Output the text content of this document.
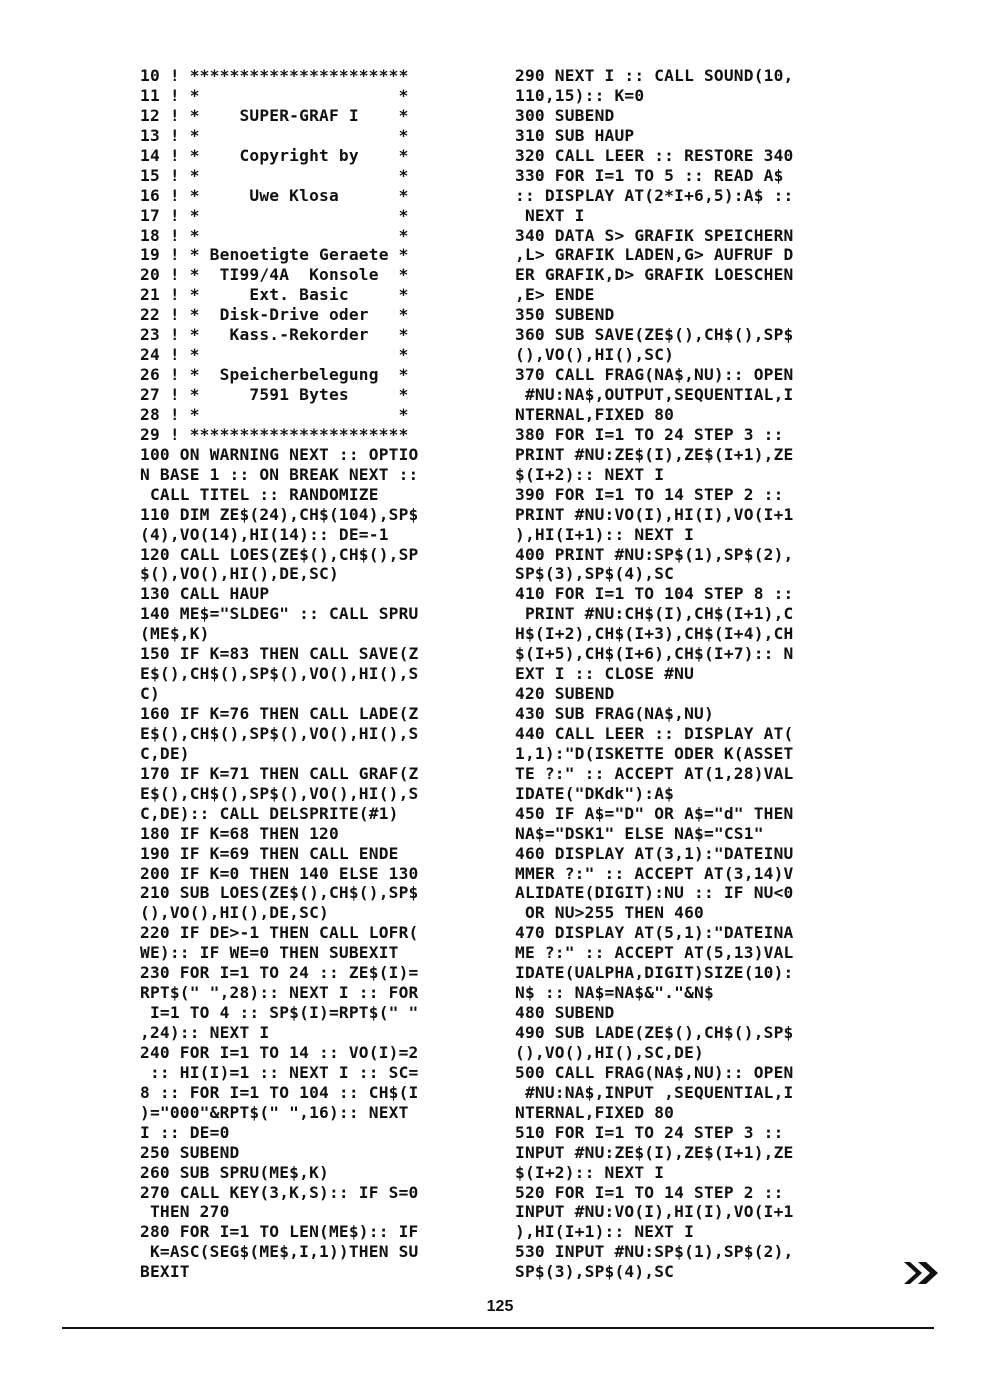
10 ! **********************
11 ! *                    *
12 ! *    SUPER-GRAF I    *
13 ! *                    *
14 ! *    Copyright by    *
15 ! *                    *
16 ! *     Uwe Klosa      *
17 ! *                    *
18 ! *                    *
19 ! * Benoetigte Geraete *
20 ! *  TI99/4A  Konsole  *
21 ! *     Ext. Basic     *
22 ! *  Disk-Drive oder   *
23 ! *   Kass.-Rekorder   *
24 ! *                    *
26 ! *  Speicherbelegung  *
27 ! *     7591 Bytes     *
28 ! *                    *
29 ! **********************
100 ON WARNING NEXT :: OPTIO
N BASE 1 :: ON BREAK NEXT ::
CALL TITEL :: RANDOMIZE
110 DIM ZE$(24),CH$(104),SP$
(4),VO(14),HI(14):: DE=-1
120 CALL LOES(ZE$(),CH$(),SP
$(),VO(),HI(),DE,SC)
130 CALL HAUP
140 ME$="SLDEG" :: CALL SPRU
(ME$,K)
150 IF K=83 THEN CALL SAVE(Z
E$(),CH$(),SP$(),VO(),HI(),S
C)
160 IF K=76 THEN CALL LADE(Z
E$(),CH$(),SP$(),VO(),HI(),S
C,DE)
170 IF K=71 THEN CALL GRAF(Z
E$(),CH$(),SP$(),VO(),HI(),S
C,DE):: CALL DELSPRITE(#1)
180 IF K=68 THEN 120
190 IF K=69 THEN CALL ENDE
200 IF K=0 THEN 140 ELSE 130
210 SUB LOES(ZE$(),CH$(),SP$
(),VO(),HI(),DE,SC)
220 IF DE>-1 THEN CALL LOFR(
WE):: IF WE=0 THEN SUBEXIT
230 FOR I=1 TO 24 :: ZE$(I)=
RPT$(" ",28):: NEXT I :: FOR
I=1 TO 4 :: SP$(I)=RPT$(" "
,24):: NEXT I
240 FOR I=1 TO 14 :: VO(I)=2
:: HI(I)=1 :: NEXT I :: SC=
8 :: FOR I=1 TO 104 :: CH$(I
)="000"&RPT$(" ",16):: NEXT
I :: DE=0
250 SUBEND
260 SUB SPRU(ME$,K)
270 CALL KEY(3,K,S):: IF S=0
THEN 270
280 FOR I=1 TO LEN(ME$):: IF
K=ASC(SEG$(ME$,I,1))THEN SU
BEXIT
290 NEXT I :: CALL SOUND(10,
110,15):: K=0
300 SUBEND
310 SUB HAUP
320 CALL LEER :: RESTORE 340
330 FOR I=1 TO 5 :: READ A$
:: DISPLAY AT(2*I+6,5):A$ ::
NEXT I
340 DATA S> GRAFIK SPEICHERN
,L> GRAFIK LADEN,G> AUFRUF D
ER GRAFIK,D> GRAFIK LOESCHEN
,E> ENDE
350 SUBEND
360 SUB SAVE(ZE$(),CH$(),SP$
(),VO(),HI(),SC)
370 CALL FRAG(NA$,NU):: OPEN
#NU:NA$,OUTPUT,SEQUENTIAL,I
NTERNAL,FIXED 80
380 FOR I=1 TO 24 STEP 3 ::
PRINT #NU:ZE$(I),ZE$(I+1),ZE
$(I+2):: NEXT I
390 FOR I=1 TO 14 STEP 2 ::
PRINT #NU:VO(I),HI(I),VO(I+1
),HI(I+1):: NEXT I
400 PRINT #NU:SP$(1),SP$(2),
SP$(3),SP$(4),SC
410 FOR I=1 TO 104 STEP 8 ::
PRINT #NU:CH$(I),CH$(I+1),C
H$(I+2),CH$(I+3),CH$(I+4),CH
$(I+5),CH$(I+6),CH$(I+7):: N
EXT I :: CLOSE #NU
420 SUBEND
430 SUB FRAG(NA$,NU)
440 CALL LEER :: DISPLAY AT(
1,1):"D(ISKETTE ODER K(ASSET
TE ?:" :: ACCEPT AT(1,28)VAL
IDATE("DKdk"):A$
450 IF A$="D" OR A$="d" THEN
NA$="DSK1" ELSE NA$="CS1"
460 DISPLAY AT(3,1):"DATEINU
MMER ?:" :: ACCEPT AT(3,14)V
ALIDATE(DIGIT):NU :: IF NU<0
OR NU>255 THEN 460
470 DISPLAY AT(5,1):"DATEINA
ME ?:" :: ACCEPT AT(5,13)VAL
IDATE(UALPHA,DIGIT)SIZE(10):
N$ :: NA$=NA$&"."&N$
480 SUBEND
490 SUB LADE(ZE$(),CH$(),SP$
(),VO(),HI(),SC,DE)
500 CALL FRAG(NA$,NU):: OPEN
#NU:NA$,INPUT ,SEQUENTIAL,I
NTERNAL,FIXED 80
510 FOR I=1 TO 24 STEP 3 ::
INPUT #NU:ZE$(I),ZE$(I+1),ZE
$(I+2):: NEXT I
520 FOR I=1 TO 14 STEP 2 ::
INPUT #NU:VO(I),HI(I),VO(I+1
),HI(I+1):: NEXT I
530 INPUT #NU:SP$(1),SP$(2),
SP$(3),SP$(4),SC
125
